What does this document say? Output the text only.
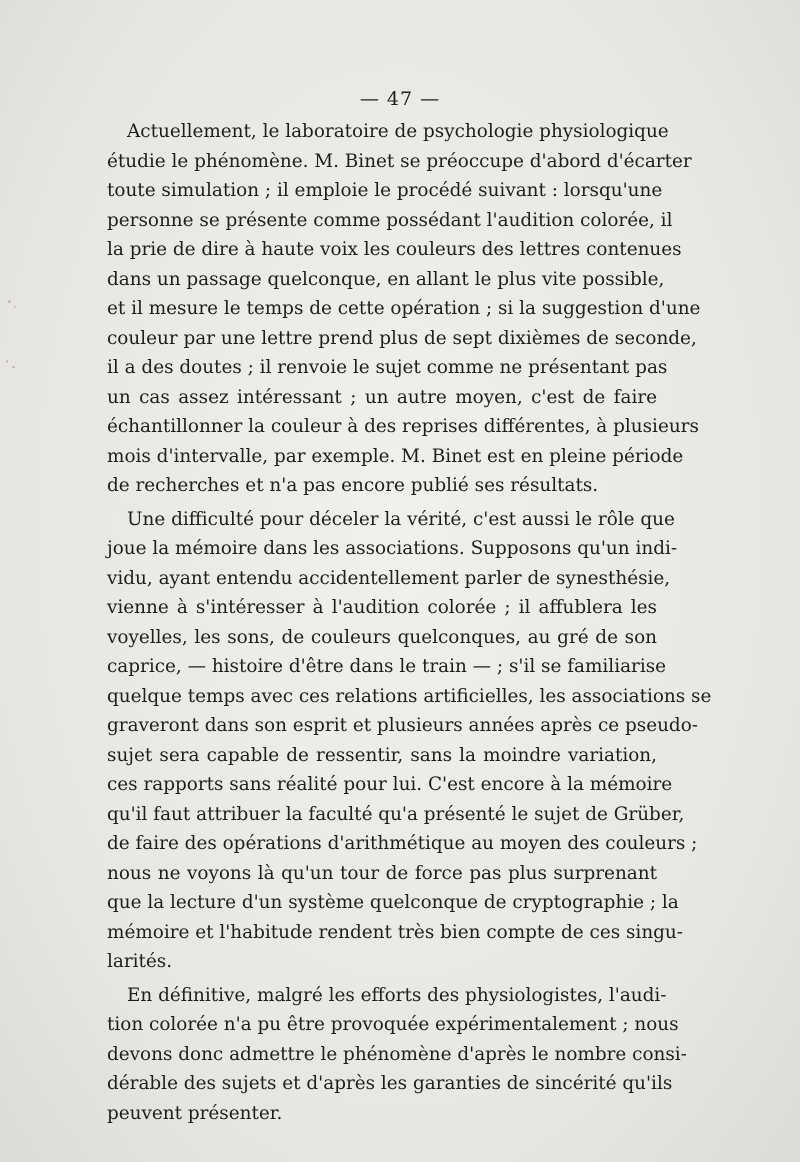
— 47 —
Actuellement, le laboratoire de psychologie physiologique
étudie le phénomène. M. Binet se préoccupe d'abord d'écarter
toute simulation ; il emploie le procédé suivant : lorsqu'une
personne se présente comme possédant l'audition colorée, il
la prie de dire à haute voix les couleurs des lettres contenues
dans un passage quelconque, en allant le plus vite possible,
et il mesure le temps de cette opération ; si la suggestion d'une
couleur par une lettre prend plus de sept dixièmes de seconde,
il a des doutes ; il renvoie le sujet comme ne présentant pas
un cas assez intéressant ; un autre moyen, c'est de faire
échantillonner la couleur à des reprises différentes, à plusieurs
mois d'intervalle, par exemple. M. Binet est en pleine période
de recherches et n'a pas encore publié ses résultats.
Une difficulté pour déceler la vérité, c'est aussi le rôle que
joue la mémoire dans les associations. Supposons qu'un indi-
vidu, ayant entendu accidentellement parler de synesthésie,
vienne à s'intéresser à l'audition colorée ; il affublera les
voyelles, les sons, de couleurs quelconques, au gré de son
caprice, — histoire d'être dans le train — ; s'il se familiarise
quelque temps avec ces relations artificielles, les associations se
graveront dans son esprit et plusieurs années après ce pseudo-
sujet sera capable de ressentir, sans la moindre variation,
ces rapports sans réalité pour lui. C'est encore à la mémoire
qu'il faut attribuer la faculté qu'a présenté le sujet de Grüber,
de faire des opérations d'arithmétique au moyen des couleurs ;
nous ne voyons là qu'un tour de force pas plus surprenant
que la lecture d'un système quelconque de cryptographie ; la
mémoire et l'habitude rendent très bien compte de ces singu-
larités.
En définitive, malgré les efforts des physiologistes, l'audi-
tion colorée n'a pu être provoquée expérimentalement ; nous
devons donc admettre le phénomène d'après le nombre consi-
dérable des sujets et d'après les garanties de sincérité qu'ils
peuvent présenter.
